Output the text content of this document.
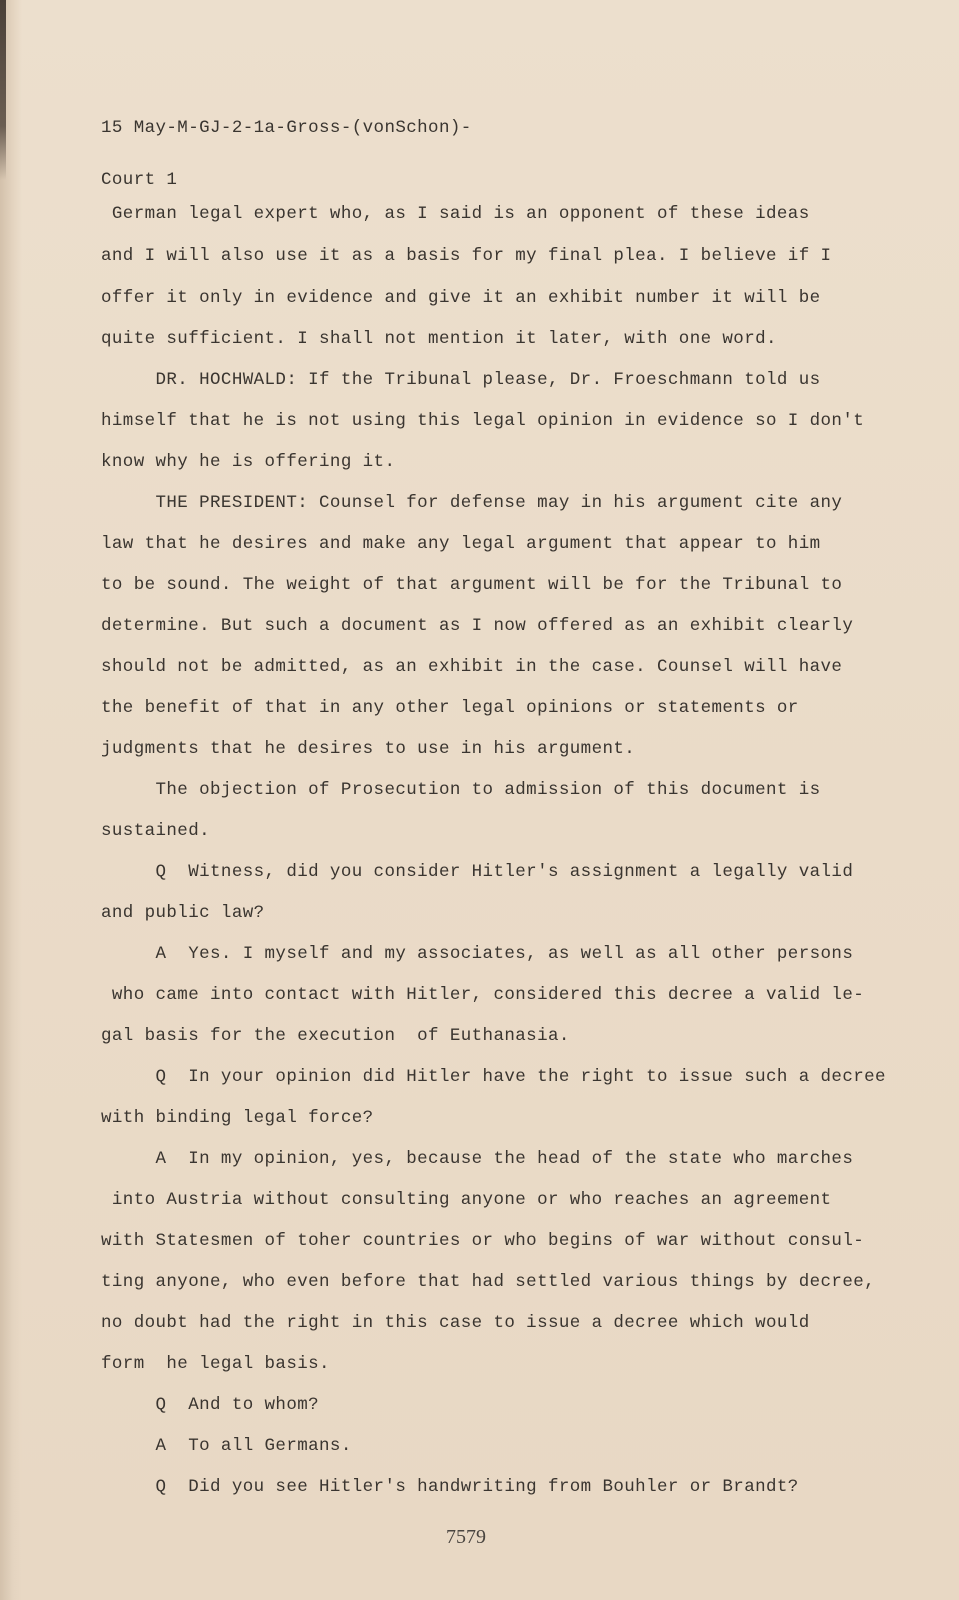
15 May-M-GJ-2-1a-Gross-(vonSchon)-
Court 1
German legal expert who, as I said is an opponent of these ideas
and I will also use it as a basis for my final plea. I believe if I
offer it only in evidence and give it an exhibit number it will be
quite sufficient. I shall not mention it later, with one word.
DR. HOCHWALD: If the Tribunal please, Dr. Froeschmann told us
himself that he is not using this legal opinion in evidence so I don't
know why he is offering it.
THE PRESIDENT: Counsel for defense may in his argument cite any
law that he desires and make any legal argument that appear to him
to be sound. The weight of that argument will be for the Tribunal to
determine. But such a document as I now offered as an exhibit clearly
should not be admitted, as an exhibit in the case. Counsel will have
the benefit of that in any other legal opinions or statements or
judgments that he desires to use in his argument.
The objection of Prosecution to admission of this document is
sustained.
Q  Witness, did you consider Hitler's assignment a legally valid
and public law?
A  Yes. I myself and my associates, as well as all other persons
who came into contact with Hitler, considered this decree a valid le-
gal basis for the execution  of Euthanasia.
Q  In your opinion did Hitler have the right to issue such a decree
with binding legal force?
A  In my opinion, yes, because the head of the state who marches
into Austria without consulting anyone or who reaches an agreement
with Statesmen of toher countries or who begins of war without consul-
ting anyone, who even before that had settled various things by decree,
no doubt had the right in this case to issue a decree which would
form  he legal basis.
Q  And to whom?
A  To all Germans.
Q  Did you see Hitler's handwriting from Bouhler or Brandt?
7579
